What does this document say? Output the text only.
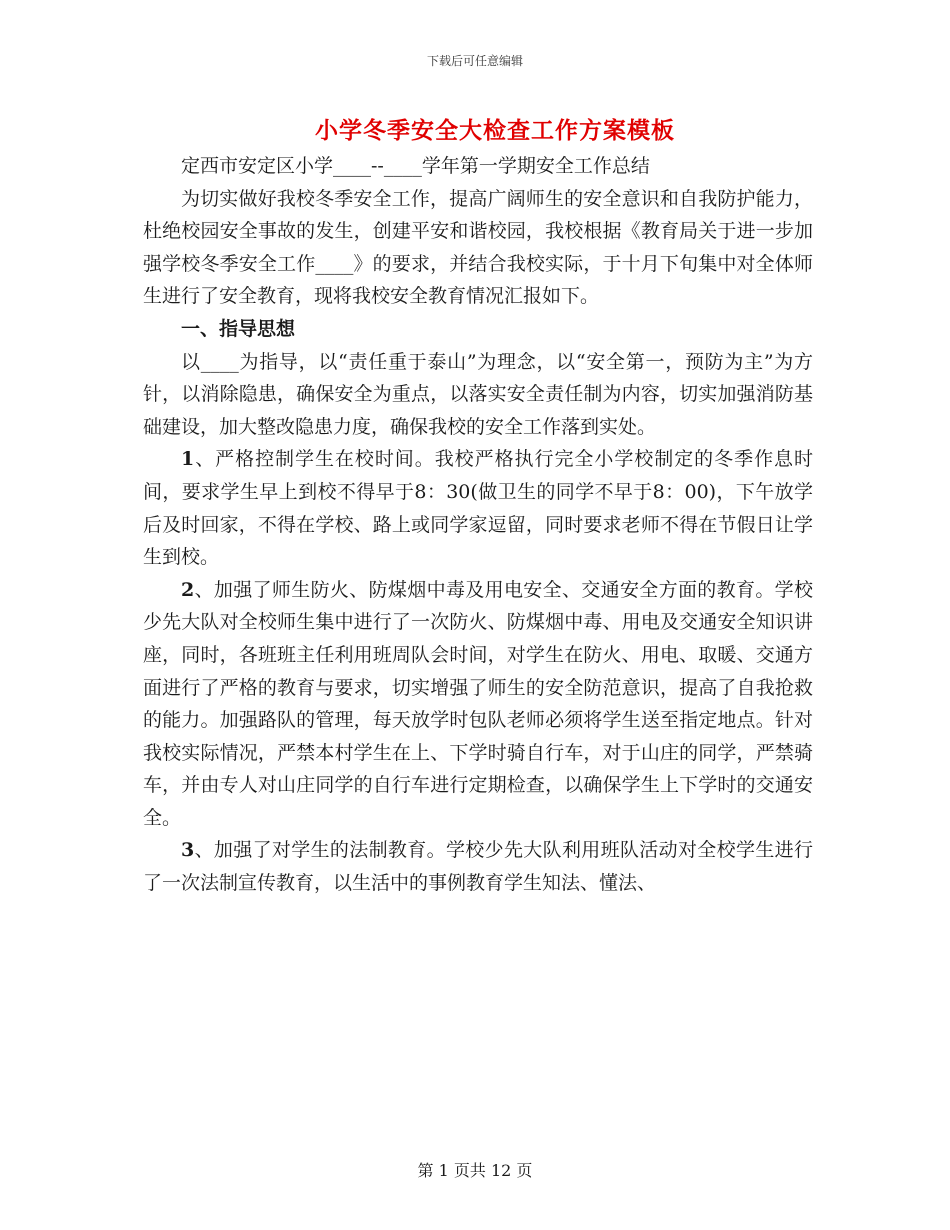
下载后可任意编辑
小学冬季安全大检查工作方案模板

定西市安定区小学____--____学年第一学期安全工作总结

为切实做好我校冬季安全工作，提高广阔师生的安全意识和自我防护能力，杜绝校园安全事故的发生，创建平安和谐校园，我校根据《教育局关于进一步加强学校冬季安全工作____》的要求，并结合我校实际，于十月下旬集中对全体师生进行了安全教育，现将我校安全教育情况汇报如下。

一、指导思想

以____为指导，以“责任重于泰山”为理念，以“安全第一，预防为主”为方针，以消除隐患，确保安全为重点，以落实安全责任制为内容，切实加强消防基础建设，加大整改隐患力度，确保我校的安全工作落到实处。

1、严格控制学生在校时间。我校严格执行完全小学校制定的冬季作息时间，要求学生早上到校不得早于8：30(做卫生的同学不早于8：00)，下午放学后及时回家，不得在学校、路上或同学家逗留，同时要求老师不得在节假日让学生到校。

2、加强了师生防火、防煤烟中毒及用电安全、交通安全方面的教育。学校少先大队对全校师生集中进行了一次防火、防煤烟中毒、用电及交通安全知识讲座，同时，各班班主任利用班周队会时间，对学生在防火、用电、取暖、交通方面进行了严格的教育与要求，切实增强了师生的安全防范意识，提高了自我抢救的能力。加强路队的管理，每天放学时包队老师必须将学生送至指定地点。针对我校实际情况，严禁本村学生在上、下学时骑自行车，对于山庄的同学，严禁骑车，并由专人对山庄同学的自行车进行定期检查，以确保学生上下学时的交通安全。

3、加强了对学生的法制教育。学校少先大队利用班队活动对全校学生进行了一次法制宣传教育，以生活中的事例教育学生知法、懂法、

第 1 页共 12 页
